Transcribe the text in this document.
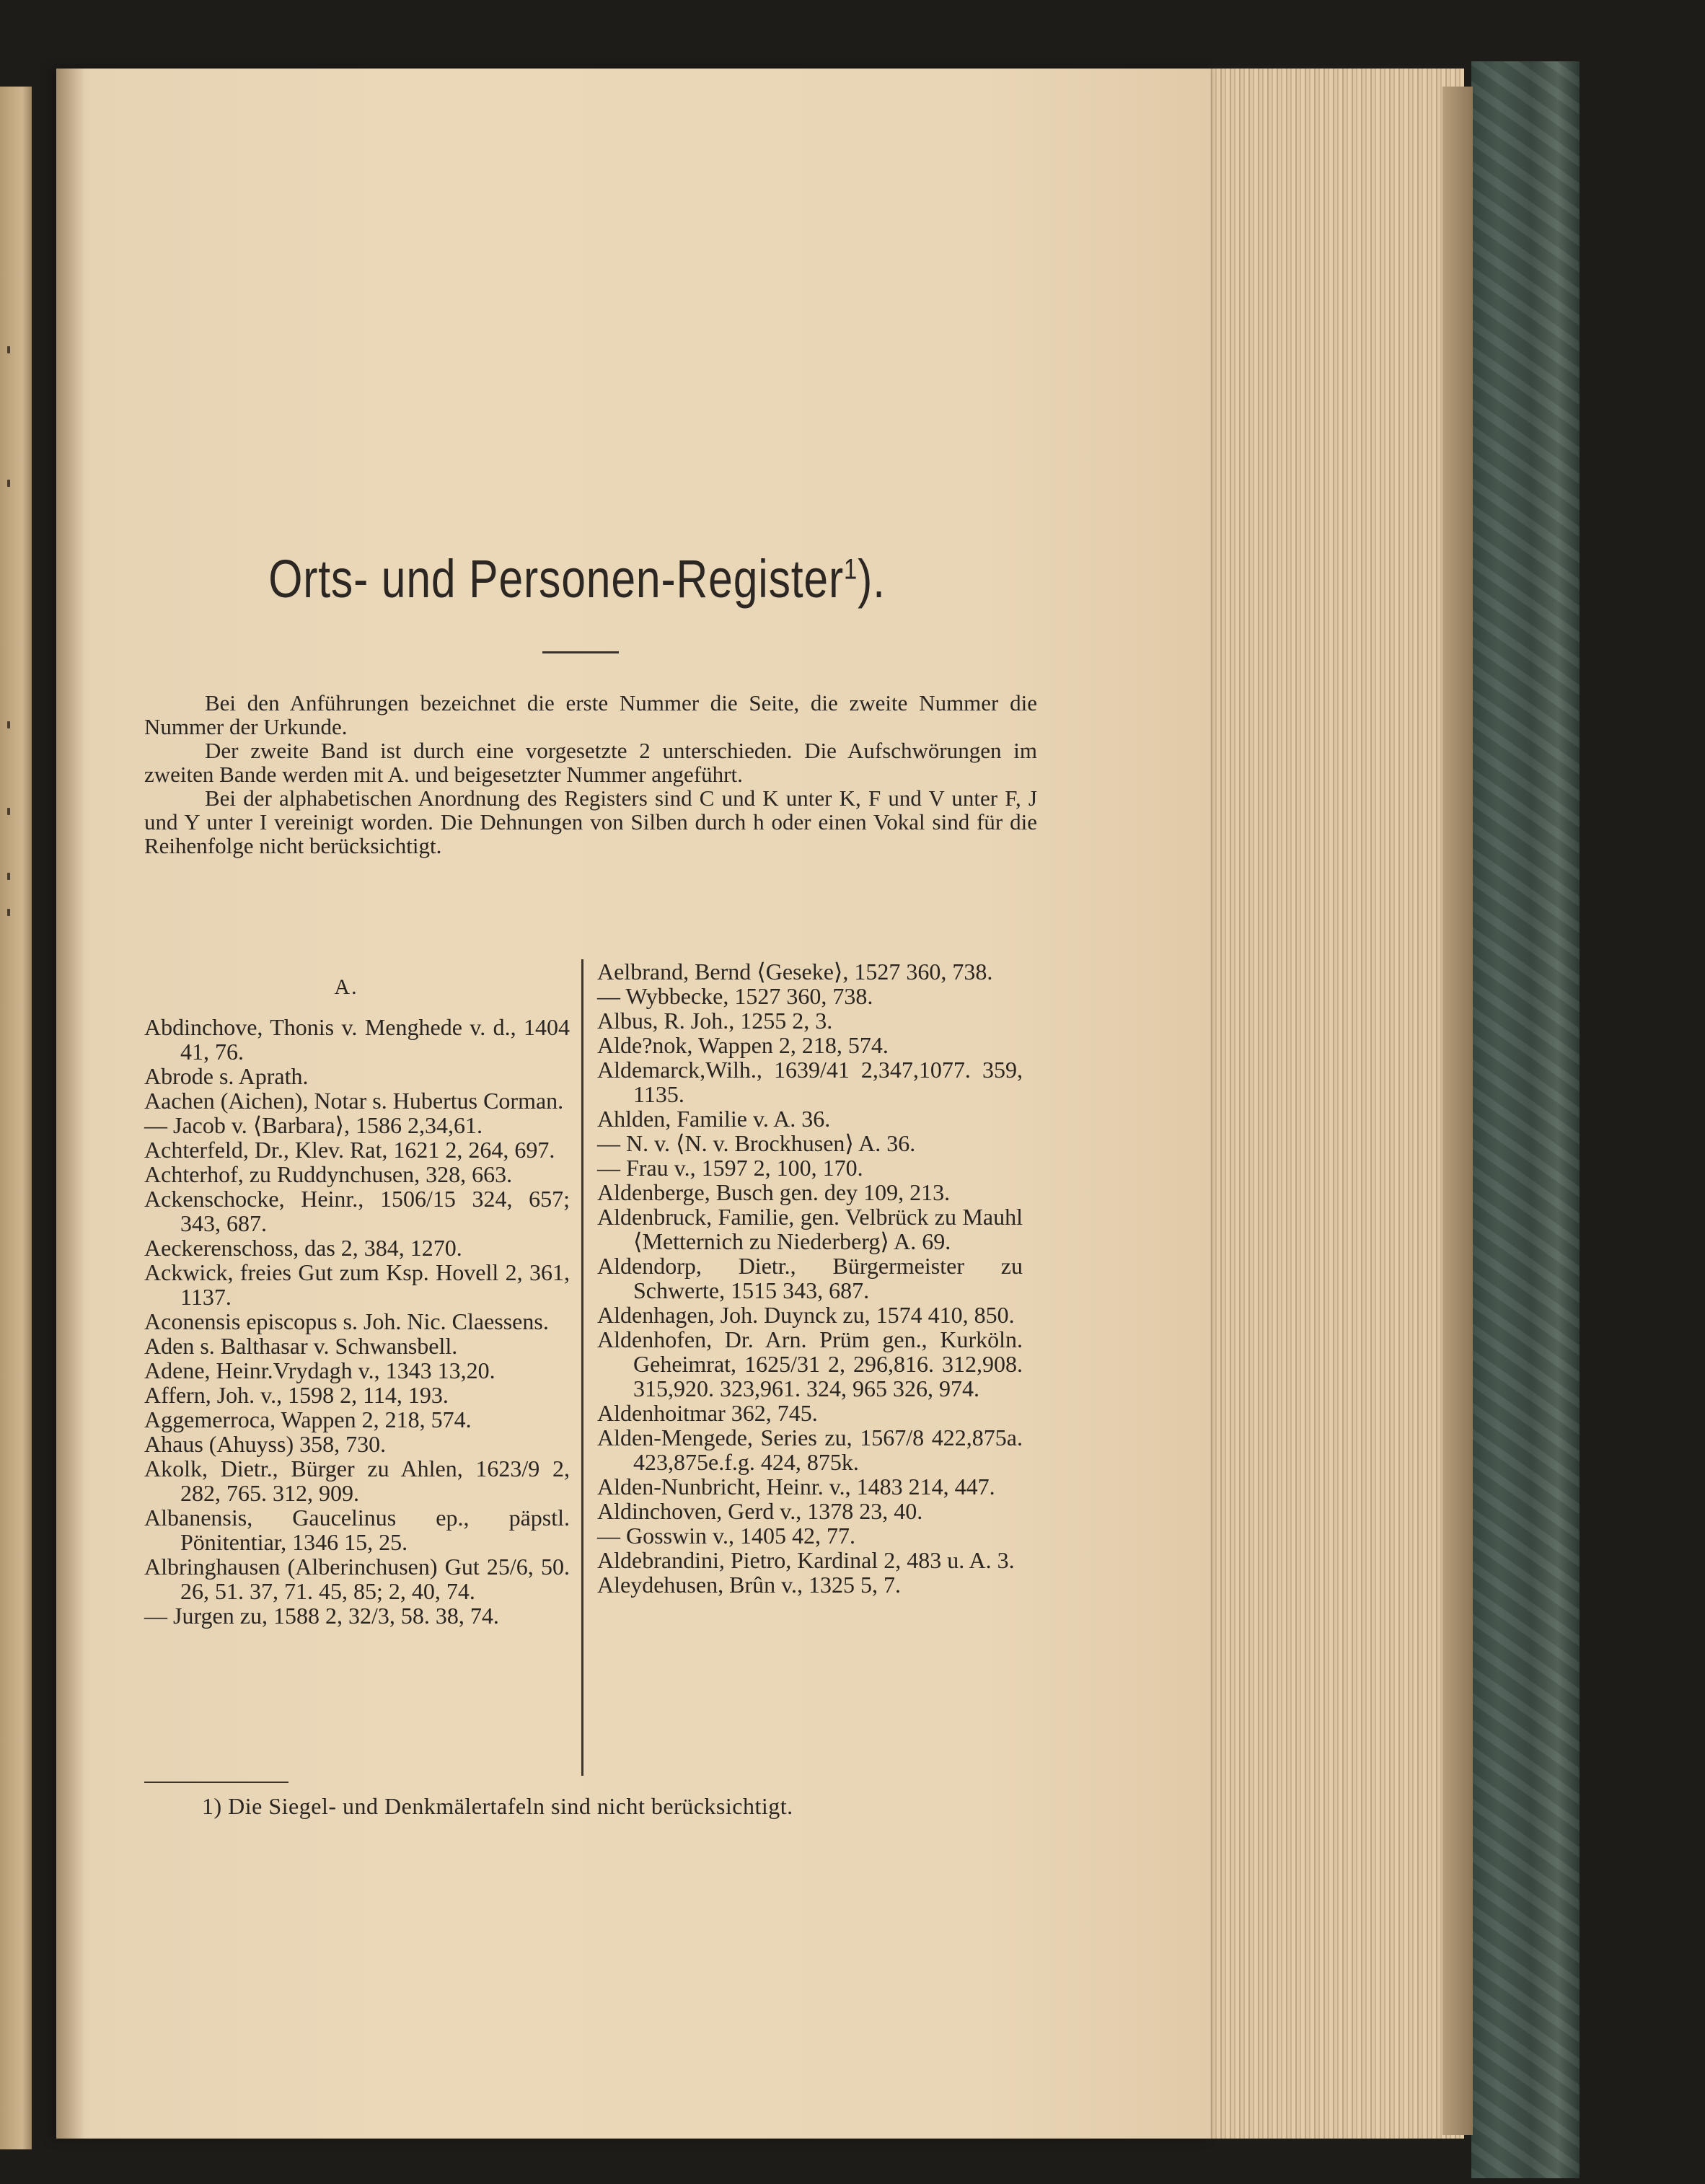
Orts- und Personen-Register$^1$).

Bei den Anführungen bezeichnet die erste Nummer die Seite, die zweite Nummer die Nummer der Urkunde.

Der zweite Band ist durch eine vorgesetzte 2 unterschieden. Die Aufschwörungen im zweiten Bande werden mit A. und beigesetzter Nummer angeführt.

Bei der alphabetischen Anordnung des Registers sind C und K unter K, F und V unter F, J und Y unter I vereinigt worden. Die Dehnungen von Silben durch h oder einen Vokal sind für die Reihenfolge nicht berücksichtigt.

A.

Abdinchove, Thonis v. Menghede v. d., 1404 41, 76.

Abrode s. Aprath.

Aachen (Aichen), Notar s. Hubertus Corman.

— Jacob v. ⟨Barbara⟩, 1586 2,34,61.

Achterfeld, Dr., Klev. Rat, 1621 2, 264, 697.

Achterhof, zu Ruddynchusen, 328, 663.

Ackenschocke, Heinr., 1506/15 324, 657; 343, 687.

Aeckerenschoss, das 2, 384, 1270.

Ackwick, freies Gut zum Ksp. Hovell 2, 361, 1137.

Aconensis episcopus s. Joh. Nic. Claessens.

Aden s. Balthasar v. Schwansbell.

Adene, Heinr.Vrydagh v., 1343 13,20.

Affern, Joh. v., 1598 2, 114, 193.

Aggemerroca, Wappen 2, 218, 574.

Ahaus (Ahuyss) 358, 730.

Akolk, Dietr., Bürger zu Ahlen, 1623/9 2, 282, 765. 312, 909.

Albanensis, Gaucelinus ep., päpstl. Pönitentiar, 1346 15, 25.

Albringhausen (Alberinchusen) Gut 25/6, 50. 26, 51. 37, 71. 45, 85; 2, 40, 74.

— Jurgen zu, 1588 2, 32/3, 58. 38, 74.

Aelbrand, Bernd ⟨Geseke⟩, 1527 360, 738.

— Wybbecke, 1527 360, 738.

Albus, R. Joh., 1255 2, 3.

Alde?nok, Wappen 2, 218, 574.

Aldemarck,Wilh., 1639/41 2,347,1077. 359, 1135.

Ahlden, Familie v. A. 36.

— N. v. ⟨N. v. Brockhusen⟩ A. 36.

— Frau v., 1597 2, 100, 170.

Aldenberge, Busch gen. dey 109, 213.

Aldenbruck, Familie, gen. Velbrück zu Mauhl ⟨Metternich zu Niederberg⟩ A. 69.

Aldendorp, Dietr., Bürgermeister zu Schwerte, 1515 343, 687.

Aldenhagen, Joh. Duynck zu, 1574 410, 850.

Aldenhofen, Dr. Arn. Prüm gen., Kurköln. Geheimrat, 1625/31 2, 296,816. 312,908. 315,920. 323,961. 324, 965 326, 974.

Aldenhoitmar 362, 745.

Alden-Mengede, Series zu, 1567/8 422,875a. 423,875e.f.g. 424, 875k.

Alden-Nunbricht, Heinr. v., 1483 214, 447.

Aldinchoven, Gerd v., 1378 23, 40.

— Gosswin v., 1405 42, 77.

Aldebrandini, Pietro, Kardinal 2, 483 u. A. 3.

Aleydehusen, Brûn v., 1325 5, 7.

1) Die Siegel- und Denkmälertafeln sind nicht berücksichtigt.
